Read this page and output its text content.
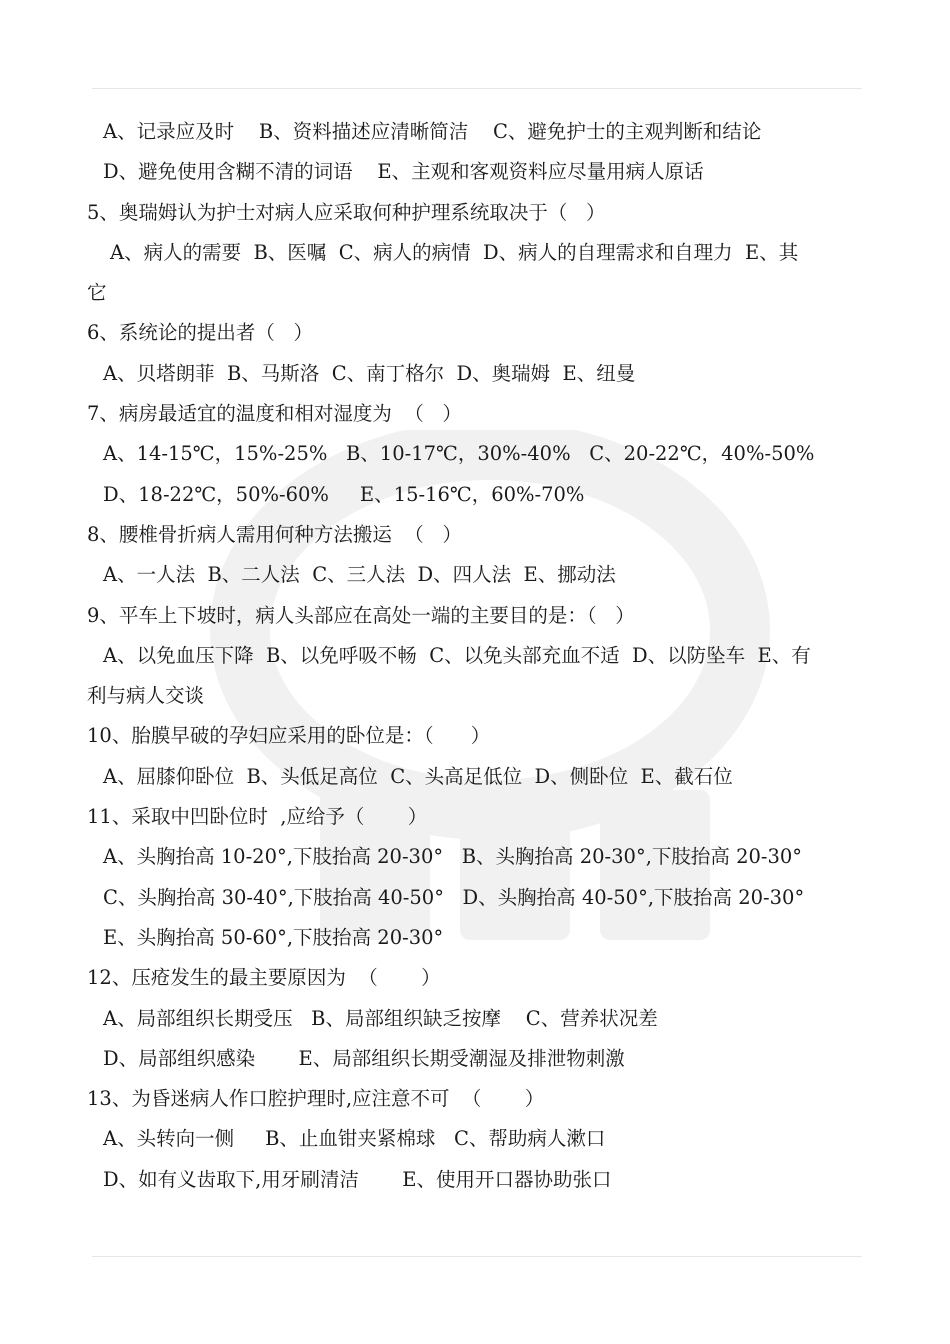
A、记录应及时    B、资料描述应清晰简洁    C、避免护士的主观判断和结论
D、避免使用含糊不清的词语    E、主观和客观资料应尽量用病人原话
5、奥瑞姆认为护士对病人应采取何种护理系统取决于（   ）
A、病人的需要  B、医嘱  C、病人的病情  D、病人的自理需求和自理力  E、其
它
6、系统论的提出者（   ）
A、贝塔朗菲  B、马斯洛  C、南丁格尔  D、奥瑞姆  E、纽曼
7、病房最适宜的温度和相对湿度为  （   ）
A、14-15℃，15%-25%   B、10-17℃，30%-40%   C、20-22℃，40%-50%
D、18-22℃，50%-60%     E、15-16℃，60%-70%
8、腰椎骨折病人需用何种方法搬运  （   ）
A、一人法  B、二人法  C、三人法  D、四人法  E、挪动法
9、平车上下坡时，病人头部应在高处一端的主要目的是：（   ）
A、以免血压下降  B、以免呼吸不畅  C、以免头部充血不适  D、以防坠车  E、有
利与病人交谈
10、胎膜早破的孕妇应采用的卧位是：（      ）
A、屈膝仰卧位  B、头低足高位  C、头高足低位  D、侧卧位  E、截石位
11、采取中凹卧位时  ,应给予（       ）
A、头胸抬高 10-20°,下肢抬高 20-30°   B、头胸抬高 20-30°,下肢抬高 20-30°
C、头胸抬高 30-40°,下肢抬高 40-50°   D、头胸抬高 40-50°,下肢抬高 20-30°
E、头胸抬高 50-60°,下肢抬高 20-30°
12、压疮发生的最主要原因为  （       ）
A、局部组织长期受压   B、局部组织缺乏按摩    C、营养状况差
D、局部组织感染       E、局部组织长期受潮湿及排泄物刺激
13、为昏迷病人作口腔护理时,应注意不可  （       ）
A、头转向一侧     B、止血钳夹紧棉球   C、帮助病人漱口
D、如有义齿取下,用牙刷清洁       E、使用开口器协助张口
